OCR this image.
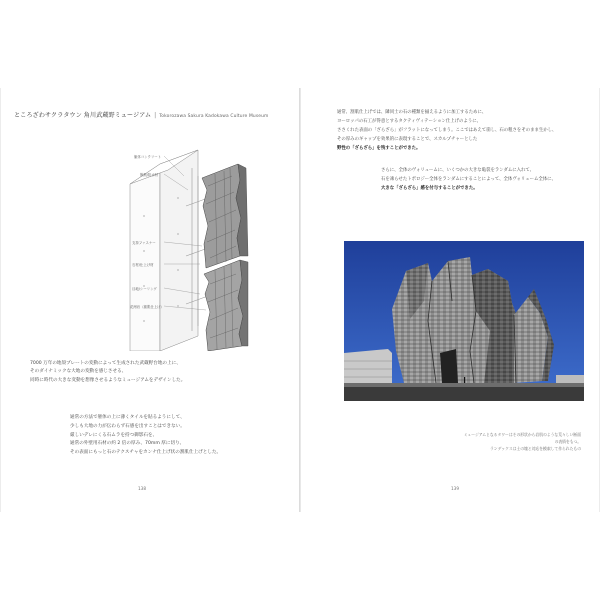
ところざわサクラタウン 角川武蔵野ミュージアム | Tokorozawa Sakura Kadokawa Culture Museum
躯体コンクリート
断熱/防水材
支持ファスナー
石材/仕上げ材
目地/シーリング
花崗岩（割肌仕上げ）
7000 万年の地殻プレートの変動によって生成された武蔵野台地の上に、
そのダイナミックな大地の変動を感じさせる、
同時に時代の大きな変動を想像させるようなミュージアムをデザインした。
通常の方法で躯体の上に薄くタイルを貼るようにして、
少しも大地の力が伝わらず石感を出すことはできない。
厳しいデレにくる石ムラを持つ御影石を、
通常の外壁用石材の約 2 倍の厚み、70mm 厚に切り、
その表面にもっと石のテクスチャをカンナ仕上げ状の割肌仕上げとした。
138
通常、割肌仕上げでは、隣同士の石の種類を揃えるように加工するために、
ヨーロッパの石工が得意とするタクティヴィテーション仕上げのように、
ささくれた表面の「ざらざら」がフラットになってしまう。ここではあえて崩し、石の粗さをそのまま生かし、
その厚みのギャップを効果的に表現することで、スカルプチャーとした
野性の「ざらざら」を残すことができた。
さらに、全体のヴォリュームに、いくつかの大きな亀裂をランダムに入れて、
石を凍らせたトポロジー全体をランダムにすることによって、全体ヴォリューム全体に、
大きな「ざらざら」感を付与することができた。
ミュージアムとなるタワーはその形状から岩肌のような荒々しい断面の表情をもつ。
ランデックスは土の塊と対応を模索して作られたもの
139
